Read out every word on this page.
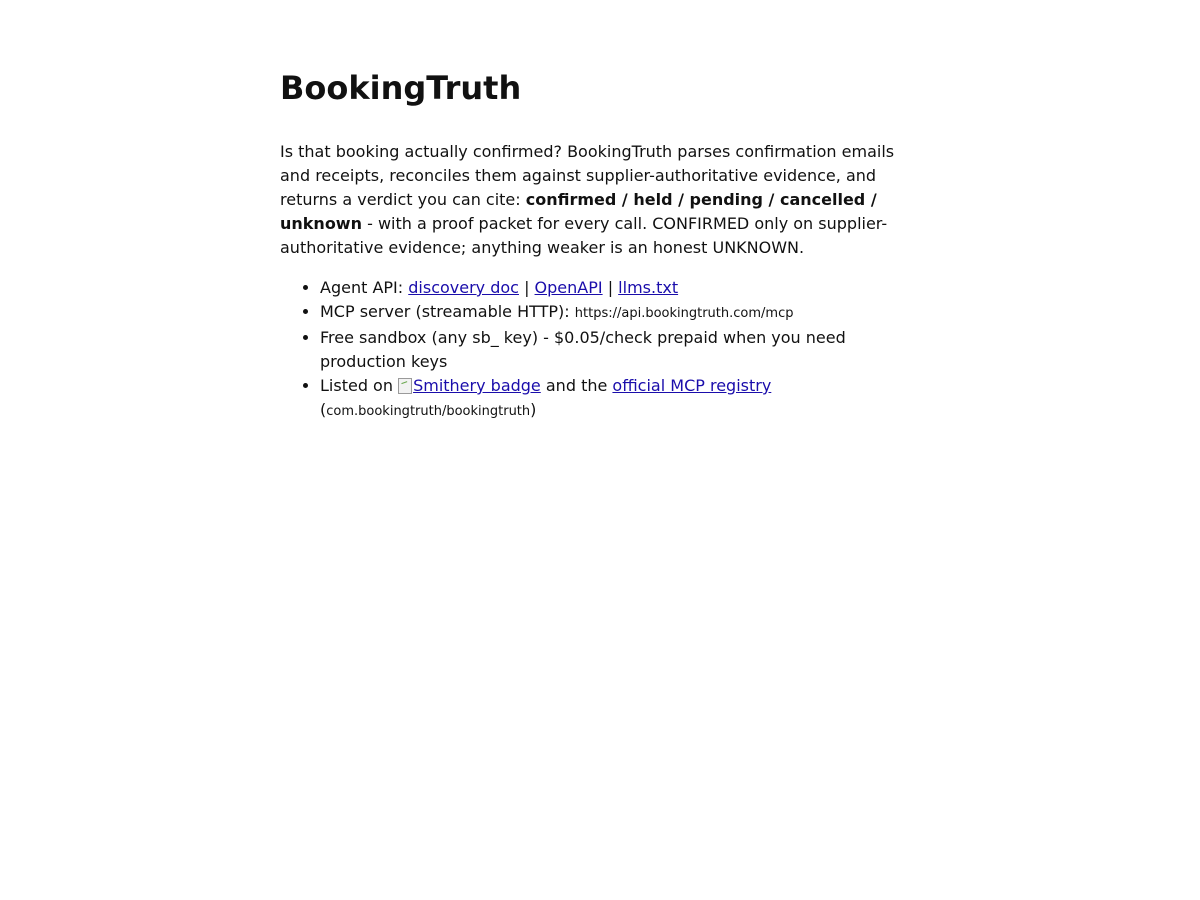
BookingTruth

Is that booking actually confirmed? BookingTruth parses confirmation emails and receipts, reconciles them against supplier-authoritative evidence, and returns a verdict you can cite: confirmed / held / pending / cancelled / unknown - with a proof packet for every call. CONFIRMED only on supplier-authoritative evidence; anything weaker is an honest UNKNOWN.

• Agent API: discovery doc | OpenAPI | llms.txt
• MCP server (streamable HTTP): https://api.bookingtruth.com/mcp
• Free sandbox (any sb_ key) - $0.05/check prepaid when you need production keys
• Listed on Smithery badge and the official MCP registry
(com.bookingtruth/bookingtruth)
